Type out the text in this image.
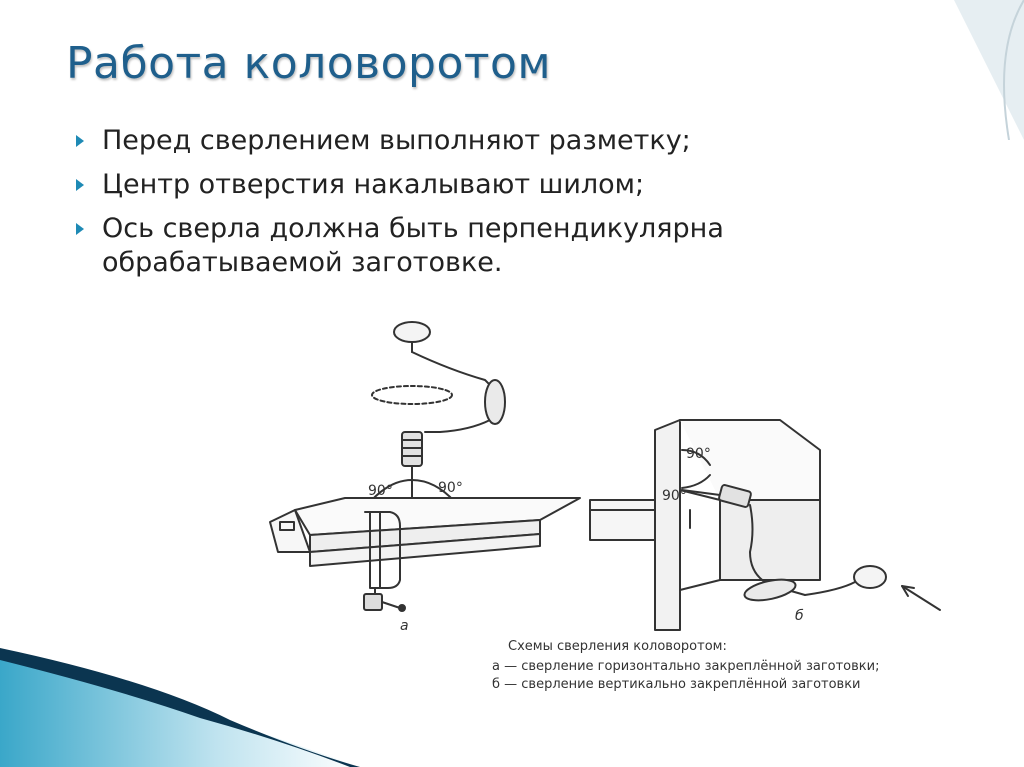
Работа коловоротом
Перед сверлением выполняют разметку;
Центр отверстия накалывают шилом;
Ось сверла должна быть перпендикулярна обрабатываемой заготовке.
90°	90°
а
90°
90°
б
Схемы сверления коловоротом:
а — сверление горизонтально закреплённой заготовки;
б — сверление вертикально закреплённой заготовки
